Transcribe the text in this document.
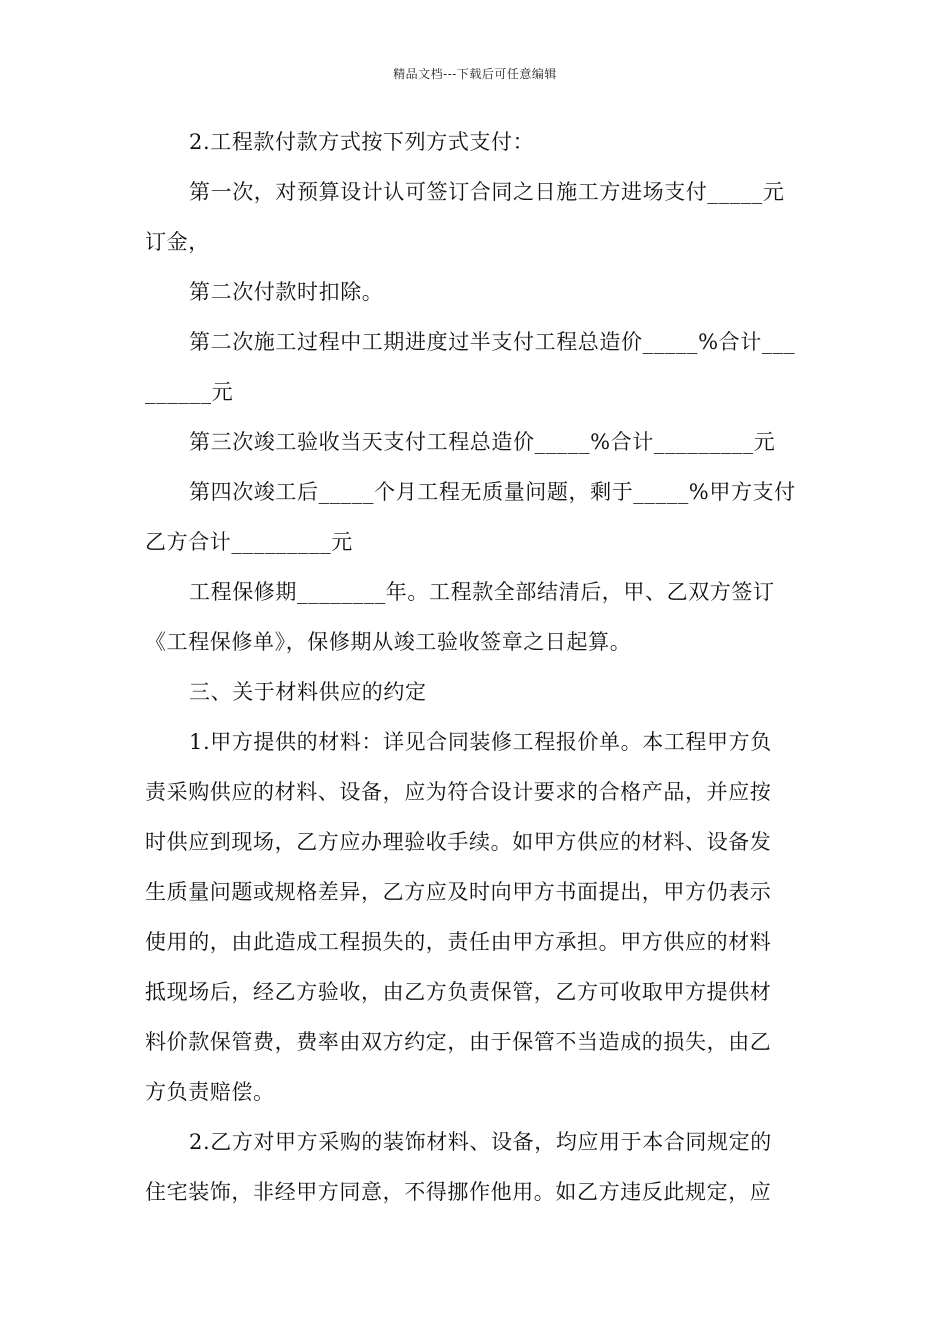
精品文档---下载后可任意编辑
2.工程款付款方式按下列方式支付：
第一次，对预算设计认可签订合同之日施工方进场支付_____元
订金，
第二次付款时扣除。
第二次施工过程中工期进度过半支付工程总造价_____%合计___
______元
第三次竣工验收当天支付工程总造价_____%合计_________元
第四次竣工后_____个月工程无质量问题，剩于_____%甲方支付
乙方合计_________元
工程保修期________年。工程款全部结清后，甲、乙双方签订
《工程保修单》，保修期从竣工验收签章之日起算。
三、关于材料供应的约定
1.甲方提供的材料：详见合同装修工程报价单。本工程甲方负
责采购供应的材料、设备，应为符合设计要求的合格产品，并应按
时供应到现场，乙方应办理验收手续。如甲方供应的材料、设备发
生质量问题或规格差异，乙方应及时向甲方书面提出，甲方仍表示
使用的，由此造成工程损失的，责任由甲方承担。甲方供应的材料
抵现场后，经乙方验收，由乙方负责保管，乙方可收取甲方提供材
料价款保管费，费率由双方约定，由于保管不当造成的损失，由乙
方负责赔偿。
2.乙方对甲方采购的装饰材料、设备，均应用于本合同规定的
住宅装饰，非经甲方同意，不得挪作他用。如乙方违反此规定，应
